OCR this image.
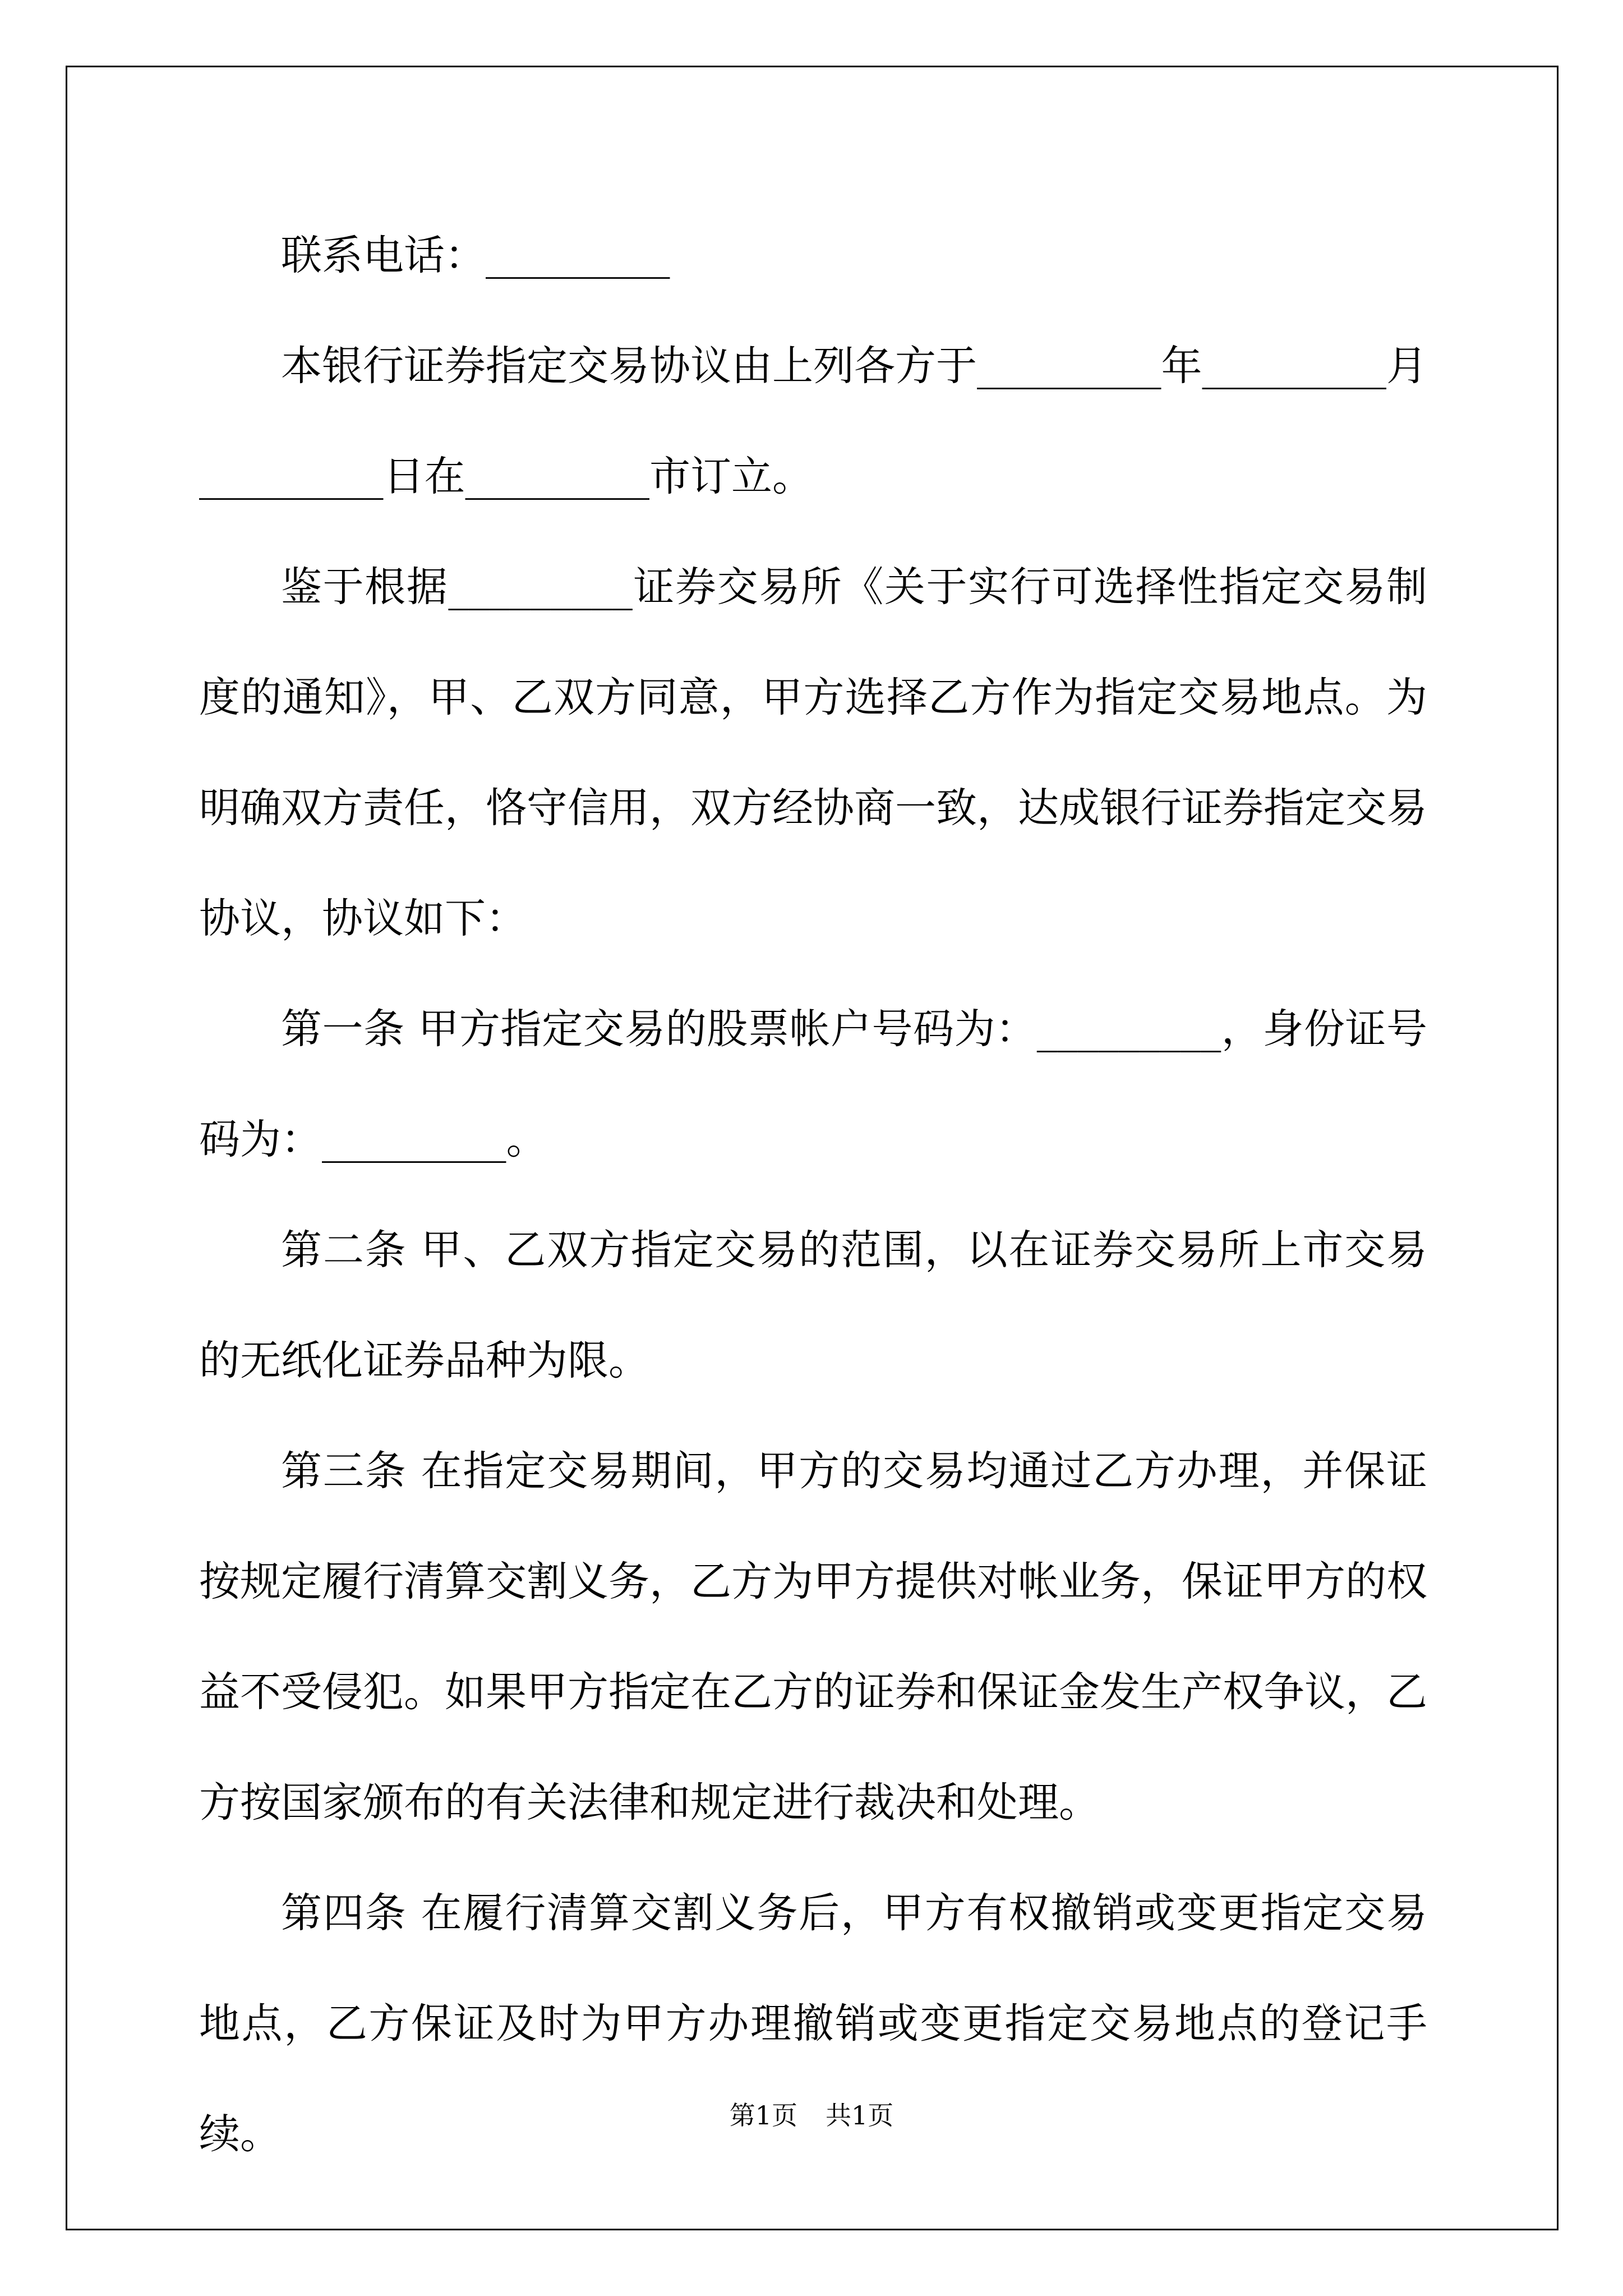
联系电话：_________

本银行证券指定交易协议由上列各方于_________年_________月_________日在_________市订立。

鉴于根据_________证券交易所《关于实行可选择性指定交易制度的通知》，甲、乙双方同意，甲方选择乙方作为指定交易地点。为明确双方责任，恪守信用，双方经协商一致，达成银行证券指定交易协议，协议如下：

第一条 甲方指定交易的股票帐户号码为：_________，身份证号码为：_________。

第二条 甲、乙双方指定交易的范围，以在证券交易所上市交易的无纸化证券品种为限。

第三条 在指定交易期间，甲方的交易均通过乙方办理，并保证按规定履行清算交割义务，乙方为甲方提供对帐业务，保证甲方的权益不受侵犯。如果甲方指定在乙方的证券和保证金发生产权争议，乙方按国家颁布的有关法律和规定进行裁决和处理。

第四条 在履行清算交割义务后，甲方有权撤销或变更指定交易地点，乙方保证及时为甲方办理撤销或变更指定交易地点的登记手续。	第1页 共1页
